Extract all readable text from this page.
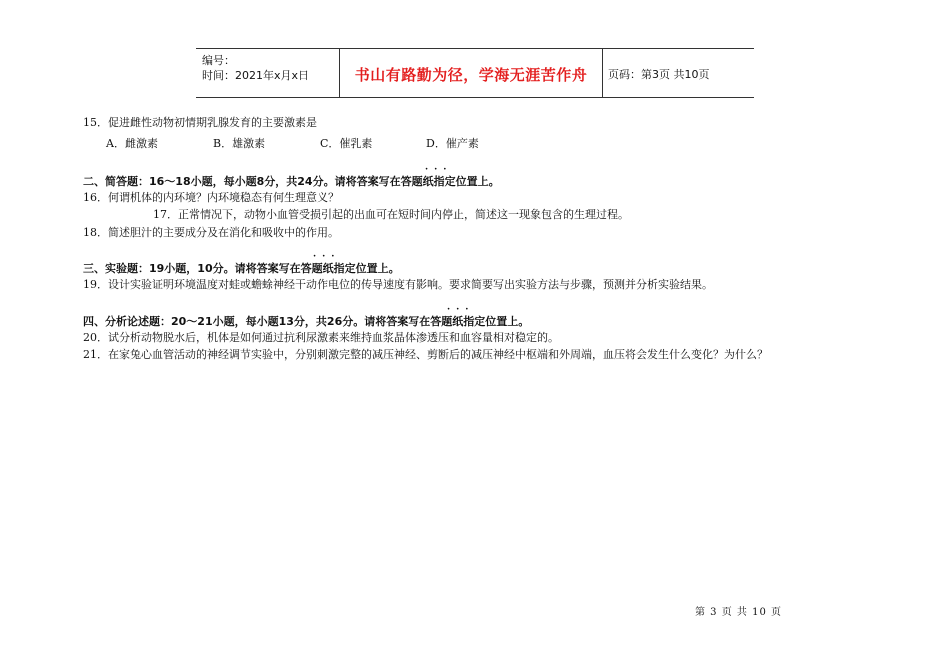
编号：
时间：2021年x月x日	书山有路勤为径，学海无涯苦作舟	页码：第3页 共10页
15．促进雌性动物初情期乳腺发育的主要激素是
A．雌激素	B．雄激素	C．催乳素	D．催产素
···
二、简答题：16～18小题，每小题8分，共24分。请将答案写在答题纸指定位置上。
16．何谓机体的内环境？内环境稳态有何生理意义？
17．正常情况下，动物小血管受损引起的出血可在短时间内停止，简述这一现象包含的生理过程。
18．简述胆汁的主要成分及在消化和吸收中的作用。
···
三、实验题：19小题，10分。请将答案写在答题纸指定位置上。
19．设计实验证明环境温度对蛙或蟾蜍神经干动作电位的传导速度有影响。要求简要写出实验方法与步骤，预测并分析实验结果。
···
四、分析论述题：20～21小题，每小题13分，共26分。请将答案写在答题纸指定位置上。
20．试分析动物脱水后，机体是如何通过抗利尿激素来维持血浆晶体渗透压和血容量相对稳定的。
21．在家兔心血管活动的神经调节实验中，分别刺激完整的减压神经、剪断后的减压神经中枢端和外周端，血压将会发生什么变化？为什么？
第 3 页 共 10 页
